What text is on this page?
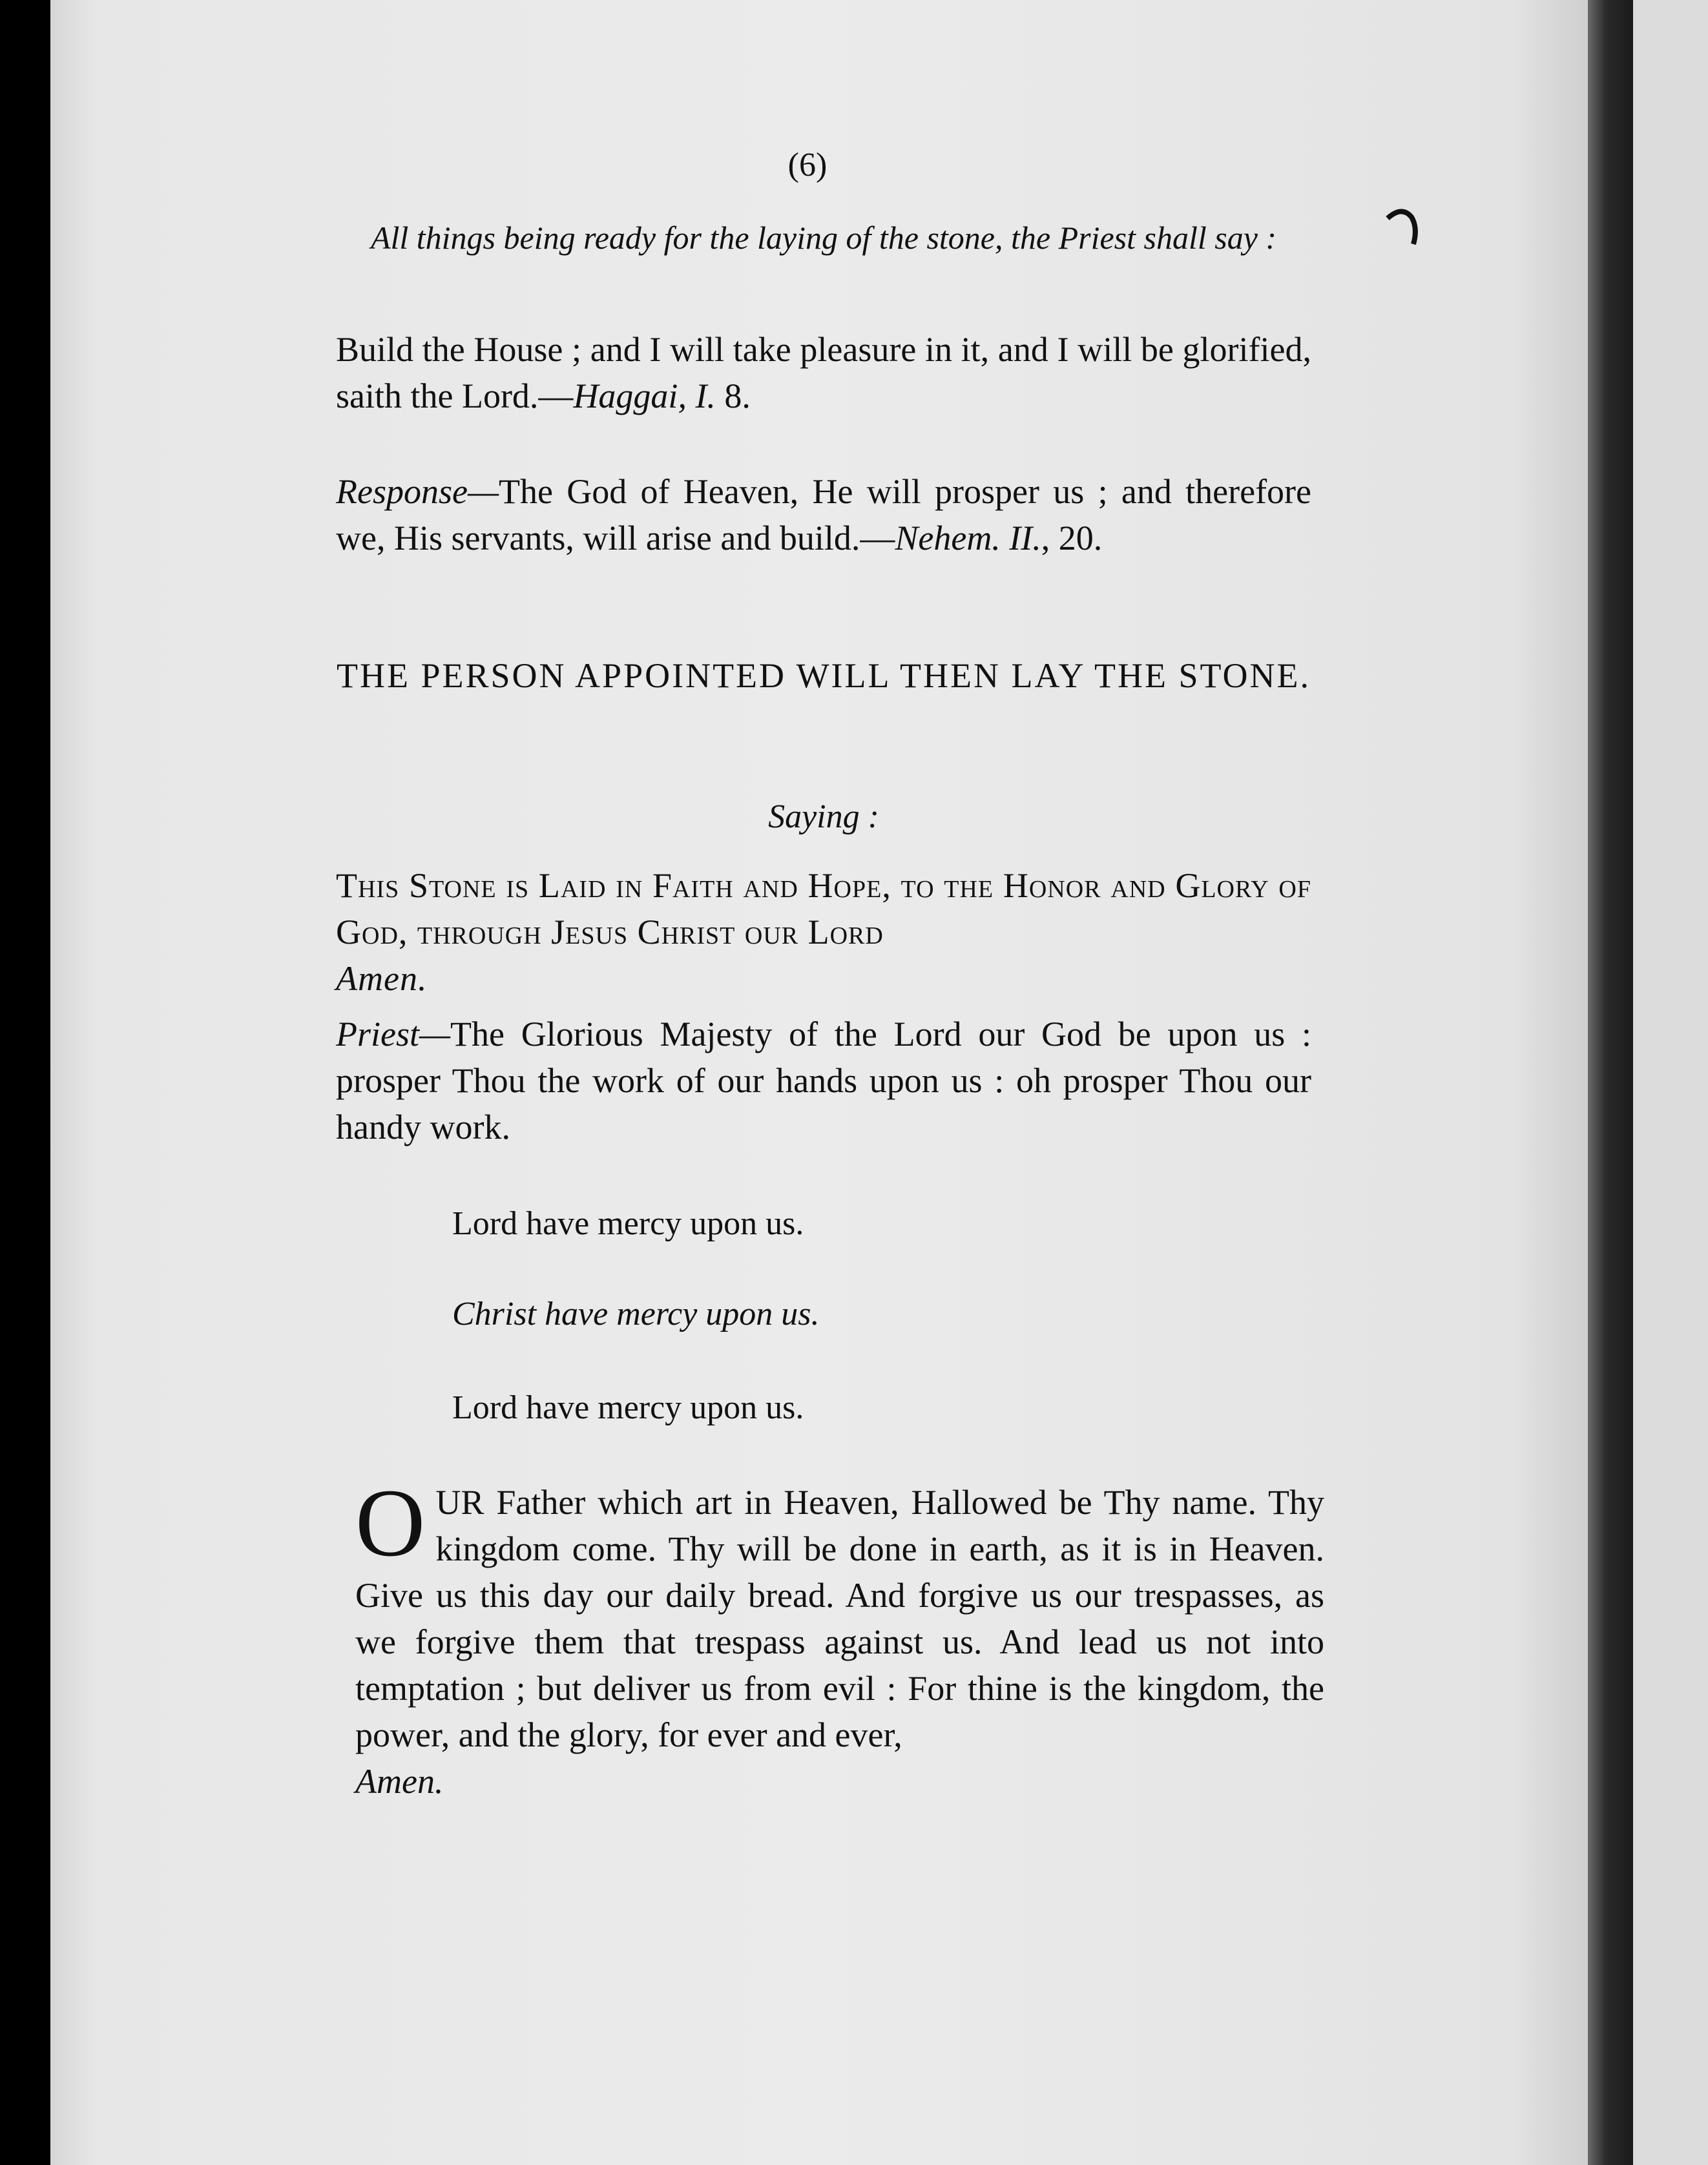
(6)
All things being ready for the laying of the stone, the Priest shall say :
Build the House ; and I will take pleasure in it, and I will be glorified, saith the Lord.—Haggai, I. 8.
Response—The God of Heaven, He will prosper us ; and therefore we, His servants, will arise and build.—Nehem. II., 20.
THE PERSON APPOINTED WILL THEN LAY THE STONE.
Saying :
This Stone is Laid in Faith and Hope, to the Honor and Glory of God, through Jesus Christ our Lord
Amen.
Priest—The Glorious Majesty of the Lord our God be upon us : prosper Thou the work of our hands upon us : oh prosper Thou our handy work.
Lord have mercy upon us.
Christ have mercy upon us.
Lord have mercy upon us.
OUR Father which art in Heaven, Hallowed be Thy name. Thy kingdom come. Thy will be done in earth, as it is in Heaven. Give us this day our daily bread. And forgive us our trespasses, as we forgive them that trespass against us. And lead us not into temptation ; but deliver us from evil : For thine is the kingdom, the power, and the glory, for ever and ever,
Amen.
